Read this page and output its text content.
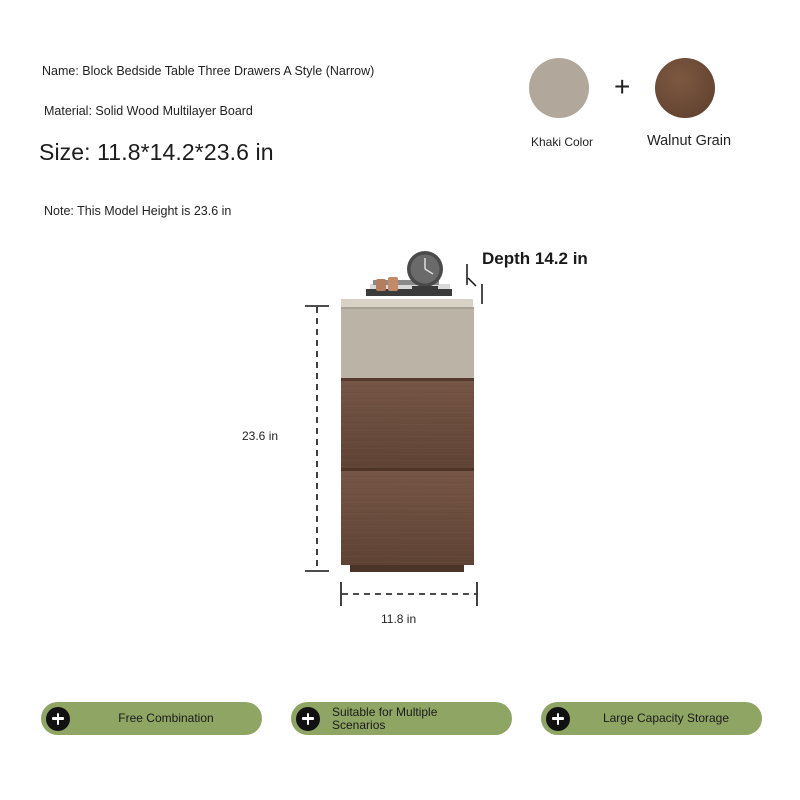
Name: Block Bedside Table Three Drawers A Style (Narrow)
Material: Solid Wood Multilayer Board
Size: 11.8*14.2*23.6 in
Note: This Model Height is 23.6 in
+
Khaki Color	Walnut Grain
23.6 in
11.8 in
Depth 14.2 in
Free Combination	Suitable for Multiple Scenarios	Large Capacity Storage
